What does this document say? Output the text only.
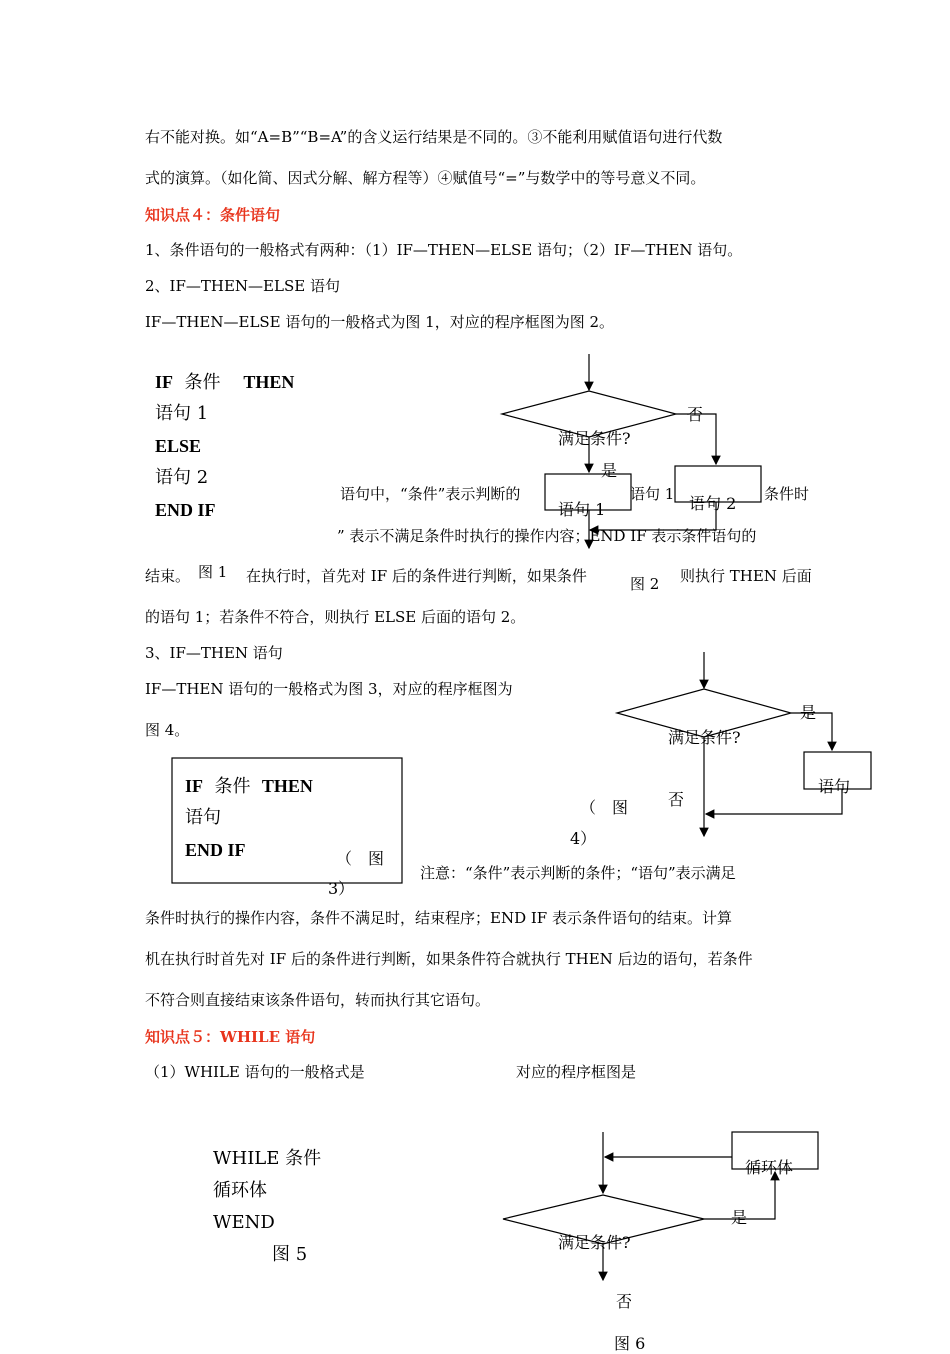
右不能对换。如“A=B”“B=A”的含义运行结果是不同的。③不能利用赋值语句进行代数
式的演算。（如化简、因式分解、解方程等）④赋值号“=”与数学中的等号意义不同。
知识点４：条件语句
1、条件语句的一般格式有两种：（1）IF—THEN—ELSE 语句；（2）IF—THEN 语句。
2、IF—THEN—ELSE 语句
IF—THEN—ELSE 语句的一般格式为图 1，对应的程序框图为图 2。
IF 条件 THEN
语句 1
ELSE
语句 2
END IF
语句中，“条件”表示判断的	语句 1	条件时
” 表示不满足条件时执行的操作内容；END IF 表示条件语句的
结束。	在执行时，首先对 IF 后的条件进行判断，如果条件	则执行 THEN 后面
图 1
的语句 1；若条件不符合，则执行 ELSE 后面的语句 2。
3、IF—THEN 语句
IF—THEN 语句的一般格式为图 3，对应的程序框图为
图 4。
满足条件?
否
是
语句 1	语句 2
图 2
满足条件?
是
语句
否
（　图
4）
IF 条件 THEN
语句
END IF	（　图
3）
注意：“条件”表示判断的条件；“语句”表示满足
条件时执行的操作内容，条件不满足时，结束程序；END IF 表示条件语句的结束。计算
机在执行时首先对 IF 后的条件进行判断，如果条件符合就执行 THEN 后边的语句，若条件
不符合则直接结束该条件语句，转而执行其它语句。
知识点５：WHILE 语句
（1）WHILE 语句的一般格式是	对应的程序框图是
WHILE 条件
循环体
WEND
图 5
循环体
是
满足条件?
否
图 6
